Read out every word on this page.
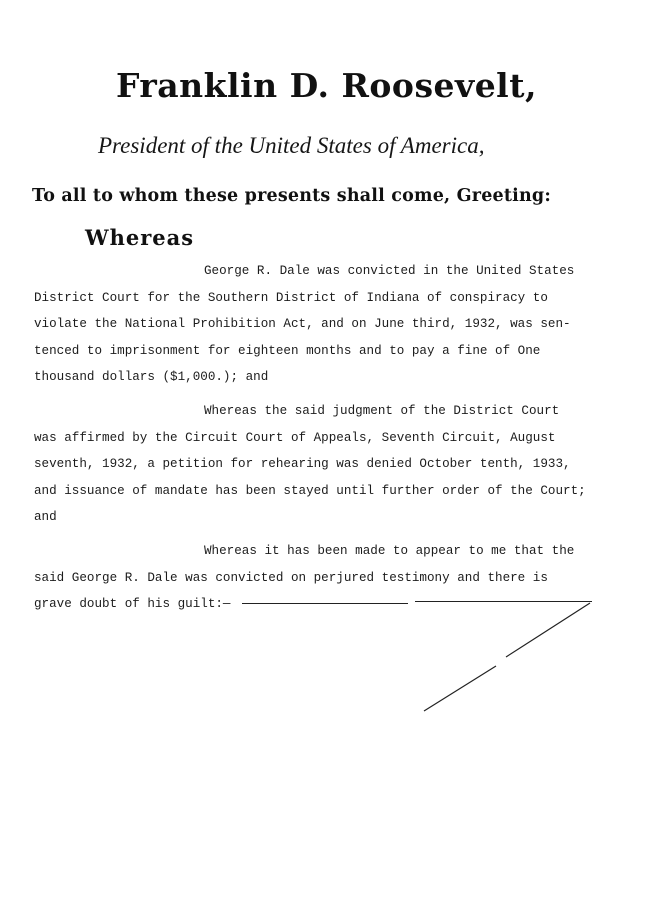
Franklin D. Roosevelt,
President of the United States of America,
To all to whom these presents shall come, Greeting:
Whereas
George R. Dale was convicted in the United States
District Court for the Southern District of Indiana of conspiracy to
violate the National Prohibition Act, and on June third, 1932, was sen-
tenced to imprisonment for eighteen months and to pay a fine of One
thousand dollars ($1,000.); and
Whereas the said judgment of the District Court
was affirmed by the Circuit Court of Appeals, Seventh Circuit, August
seventh, 1932, a petition for rehearing was denied October tenth, 1933,
and issuance of mandate has been stayed until further order of the Court;
and
Whereas it has been made to appear to me that the
said George R. Dale was convicted on perjured testimony and there is
grave doubt of his guilt:—
